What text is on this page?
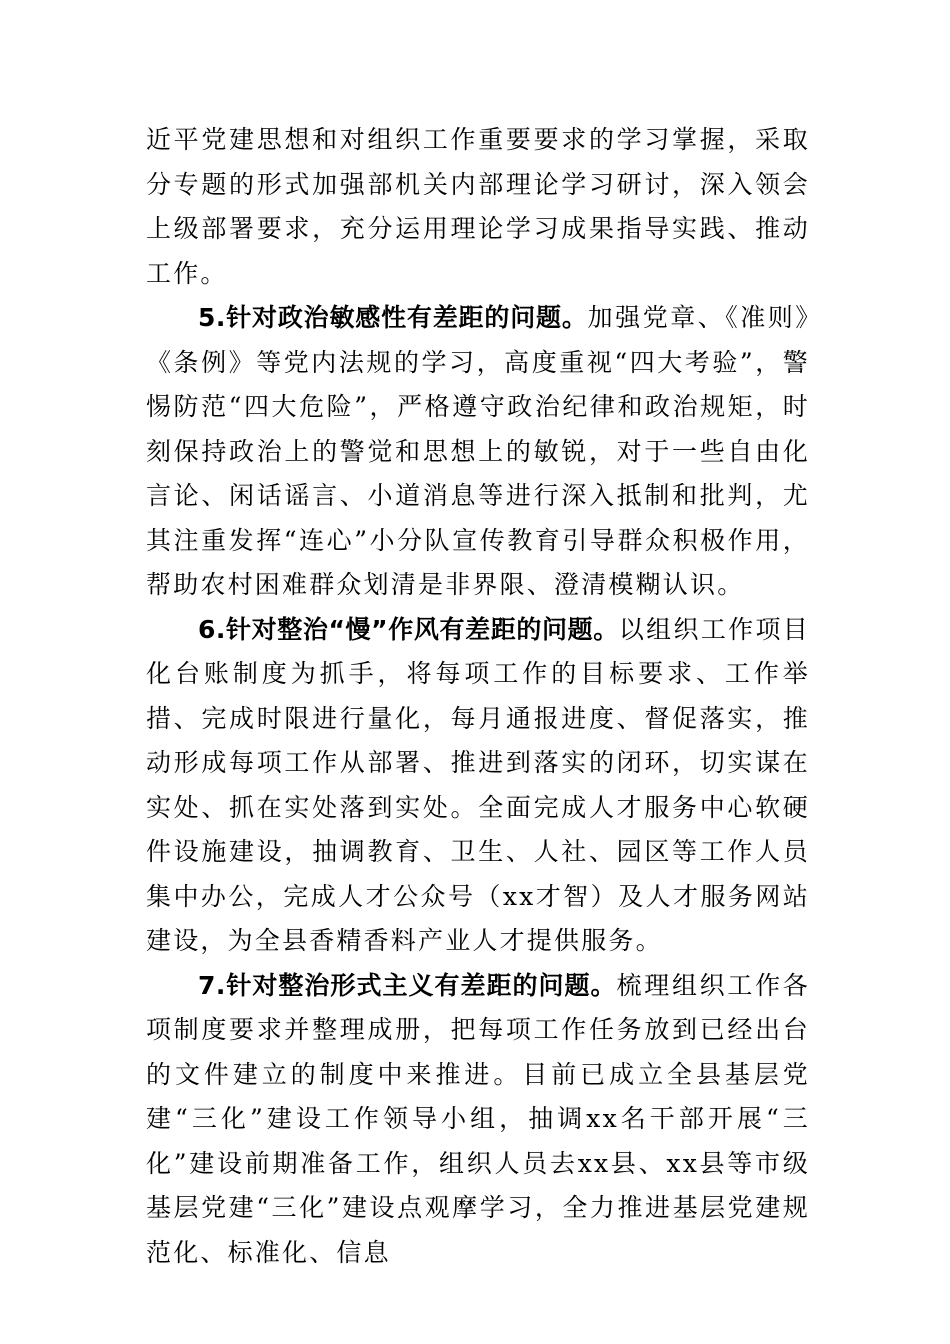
近平党建思想和对组织工作重要要求的学习掌握，采取分专题的形式加强部机关内部理论学习研讨，深入领会上级部署要求，充分运用理论学习成果指导实践、推动工作。

5.针对政治敏感性有差距的问题。加强党章、《准则》《条例》等党内法规的学习，高度重视“四大考验”，警惕防范“四大危险”，严格遵守政治纪律和政治规矩，时刻保持政治上的警觉和思想上的敏锐，对于一些自由化言论、闲话谣言、小道消息等进行深入抵制和批判，尤其注重发挥“连心”小分队宣传教育引导群众积极作用，帮助农村困难群众划清是非界限、澄清模糊认识。

6.针对整治“慢”作风有差距的问题。以组织工作项目化台账制度为抓手，将每项工作的目标要求、工作举措、完成时限进行量化，每月通报进度、督促落实，推动形成每项工作从部署、推进到落实的闭环，切实谋在实处、抓在实处落到实处。全面完成人才服务中心软硬件设施建设，抽调教育、卫生、人社、园区等工作人员集中办公，完成人才公众号（xx才智）及人才服务网站建设，为全县香精香料产业人才提供服务。

7.针对整治形式主义有差距的问题。梳理组织工作各项制度要求并整理成册，把每项工作任务放到已经出台的文件建立的制度中来推进。目前已成立全县基层党建“三化”建设工作领导小组，抽调xx名干部开展“三化”建设前期准备工作，组织人员去xx县、xx县等市级基层党建“三化”建设点观摩学习，全力推进基层党建规范化、标准化、信息
